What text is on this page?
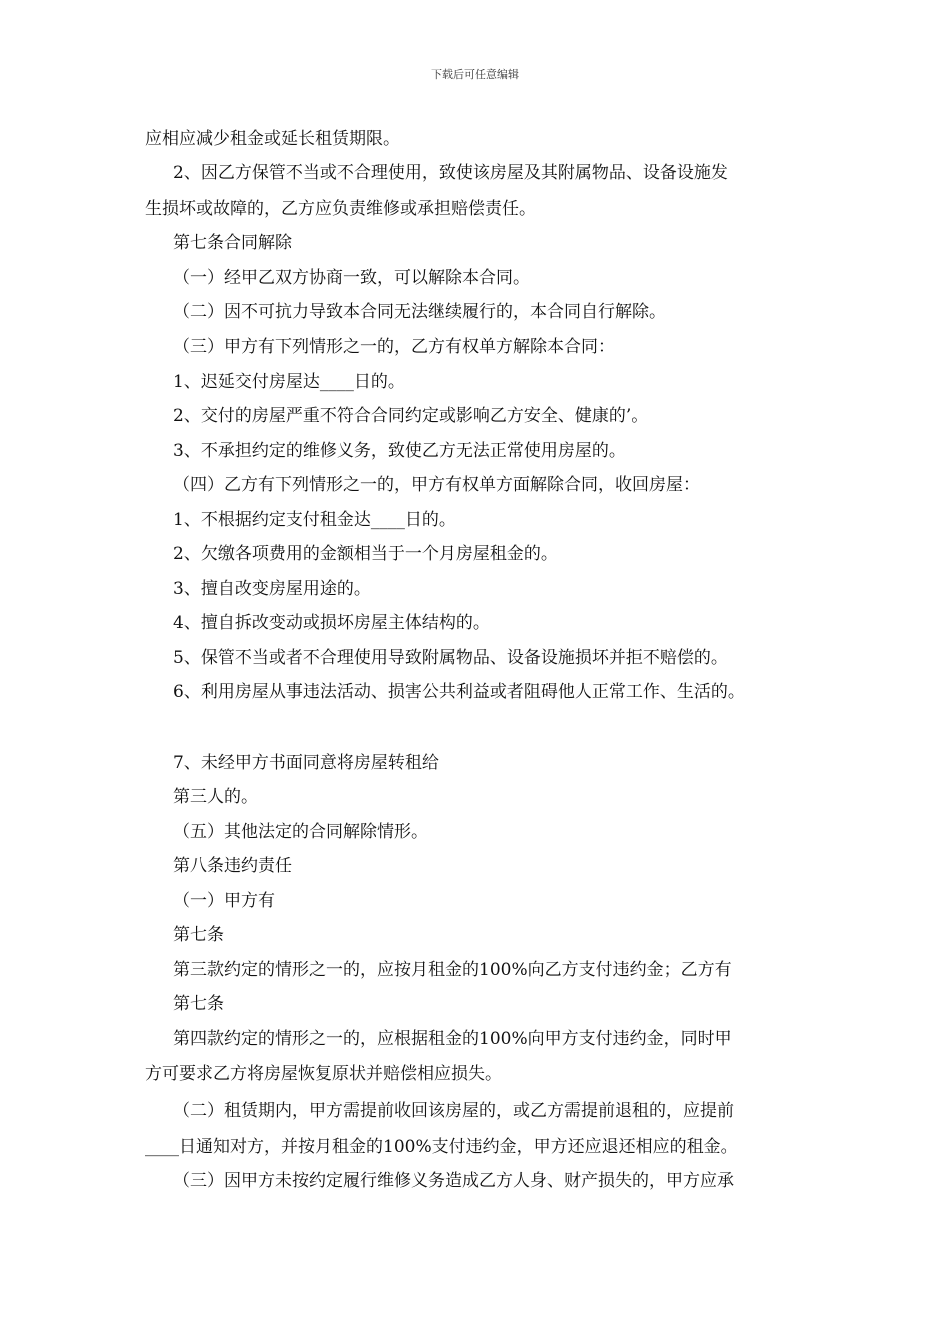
下载后可任意编辑
应相应减少租金或延长租赁期限。
2、因乙方保管不当或不合理使用，致使该房屋及其附属物品、设备设施发
生损坏或故障的，乙方应负责维修或承担赔偿责任。
第七条合同解除
（一）经甲乙双方协商一致，可以解除本合同。
（二）因不可抗力导致本合同无法继续履行的，本合同自行解除。
（三）甲方有下列情形之一的，乙方有权单方解除本合同：
1、迟延交付房屋达____日的。
2、交付的房屋严重不符合合同约定或影响乙方安全、健康的’。
3、不承担约定的维修义务，致使乙方无法正常使用房屋的。
（四）乙方有下列情形之一的，甲方有权单方面解除合同，收回房屋：
1、不根据约定支付租金达____日的。
2、欠缴各项费用的金额相当于一个月房屋租金的。
3、擅自改变房屋用途的。
4、擅自拆改变动或损坏房屋主体结构的。
5、保管不当或者不合理使用导致附属物品、设备设施损坏并拒不赔偿的。
6、利用房屋从事违法活动、损害公共利益或者阻碍他人正常工作、生活的。
7、未经甲方书面同意将房屋转租给
第三人的。
（五）其他法定的合同解除情形。
第八条违约责任
（一）甲方有
第七条
第三款约定的情形之一的，应按月租金的100%向乙方支付违约金；乙方有
第七条
第四款约定的情形之一的，应根据租金的100%向甲方支付违约金，同时甲
方可要求乙方将房屋恢复原状并赔偿相应损失。
（二）租赁期内，甲方需提前收回该房屋的，或乙方需提前退租的，应提前
____日通知对方，并按月租金的100%支付违约金，甲方还应退还相应的租金。
（三）因甲方未按约定履行维修义务造成乙方人身、财产损失的，甲方应承
